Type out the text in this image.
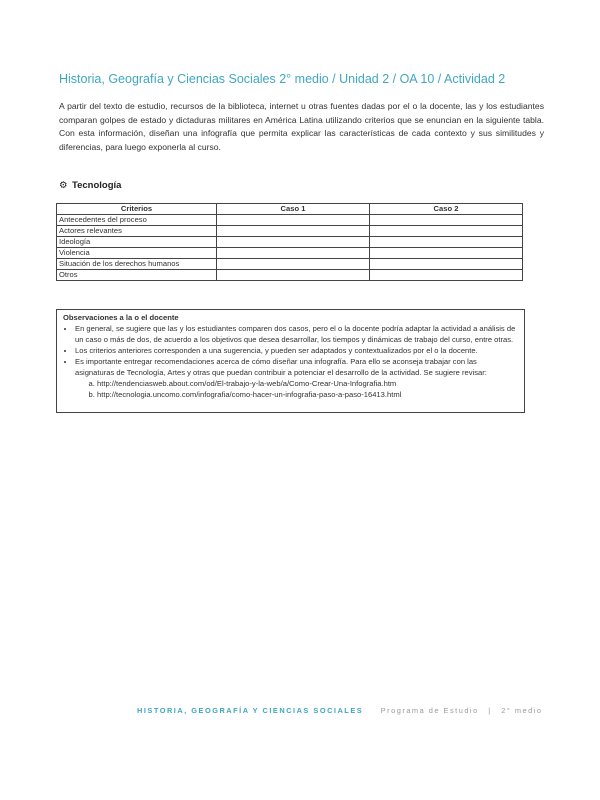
Historia, Geografía y Ciencias Sociales 2° medio / Unidad 2 / OA 10 / Actividad 2
A partir del texto de estudio, recursos de la biblioteca, internet u otras fuentes dadas por el o la docente, las y los estudiantes comparan golpes de estado y dictaduras militares en América Latina utilizando criterios que se enuncian en la siguiente tabla. Con esta información, diseñan una infografía que permita explicar las características de cada contexto y sus similitudes y diferencias, para luego exponerla al curso.
⚙ Tecnología
Criterios	Caso 1	Caso 2
Antecedentes del proceso		
Actores relevantes		
Ideología		
Violencia		
Situación de los derechos humanos		
Otros		
Observaciones a la o el docente
• En general, se sugiere que las y los estudiantes comparen dos casos, pero el o la docente podría adaptar la actividad a análisis de un caso o más de dos, de acuerdo a los objetivos que desea desarrollar, los tiempos y dinámicas de trabajo del curso, entre otras.
• Los criterios anteriores corresponden a una sugerencia, y pueden ser adaptados y contextualizados por el o la docente.
• Es importante entregar recomendaciones acerca de cómo diseñar una infografía. Para ello se aconseja trabajar con las asignaturas de Tecnología, Artes y otras que puedan contribuir a potenciar el desarrollo de la actividad. Se sugiere revisar:
a. http://tendenciasweb.about.com/od/El-trabajo-y-la-web/a/Como-Crear-Una-Infografia.htm
b. http://tecnologia.uncomo.com/infografia/como-hacer-un-infografia-paso-a-paso-16413.html
HISTORIA, GEOGRAFÍA Y CIENCIAS SOCIALES Programa de Estudio | 2° medio
